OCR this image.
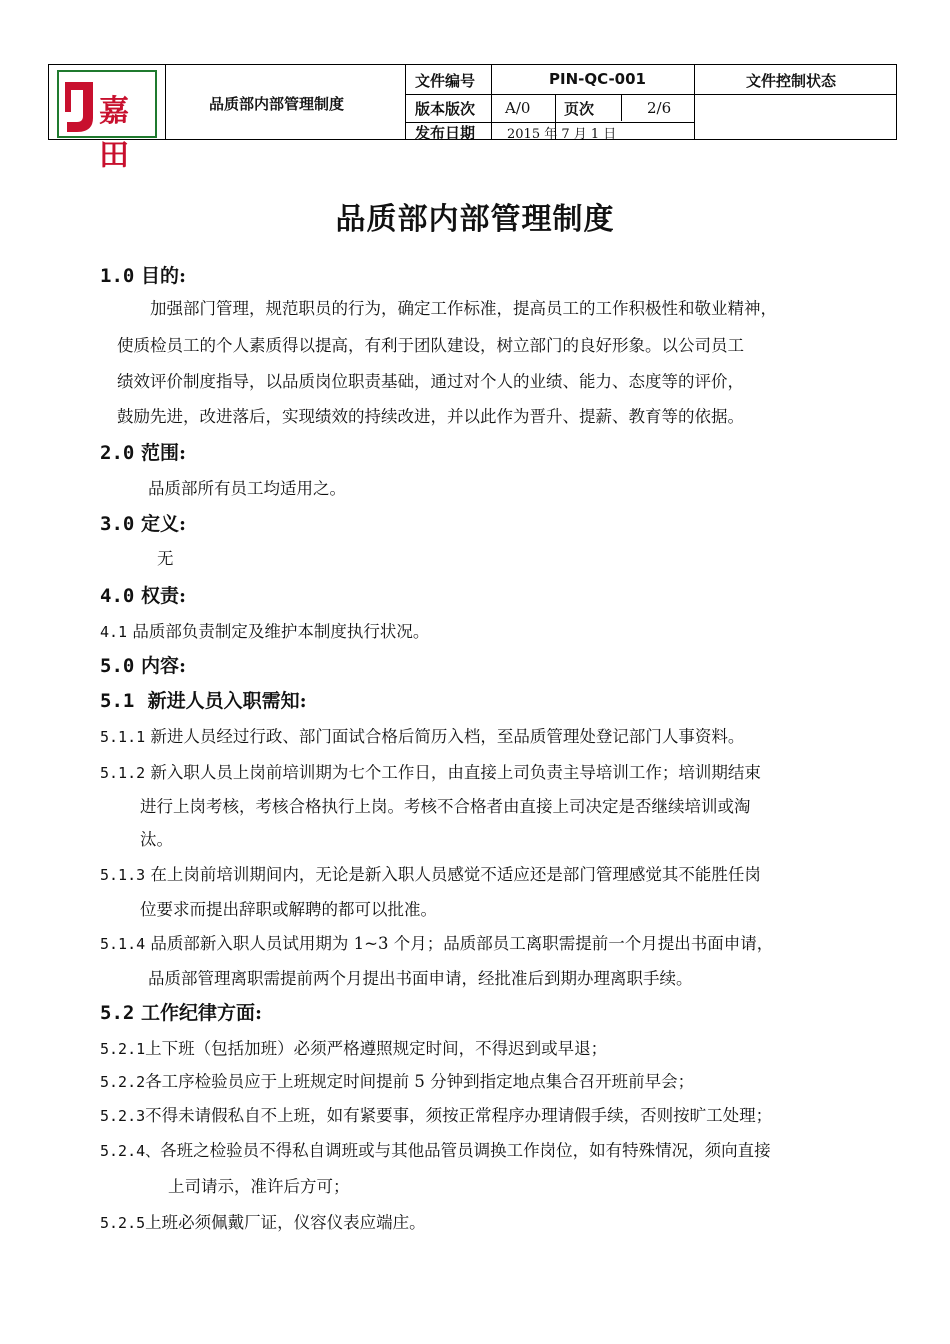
嘉田
品质部内部管理制度
文件编号	PIN-QC-001	文件控制状态
版本版次 A/0 页次	2/6
发布日期 2015 年 7 月 1 日
品质部内部管理制度
1.0 目的:
加强部门管理，规范职员的行为，确定工作标准，提高员工的工作积极性和敬业精神，
使质检员工的个人素质得以提高，有利于团队建设，树立部门的良好形象。以公司员工
绩效评价制度指导，以品质岗位职责基础，通过对个人的业绩、能力、态度等的评价，
鼓励先进，改进落后，实现绩效的持续改进，并以此作为晋升、提薪、教育等的依据。
2.0 范围:
品质部所有员工均适用之。
3.0 定义:
无
4.0 权责:
4.1 品质部负责制定及维护本制度执行状况。
5.0 内容:
5.1 新进人员入职需知:
5.1.1 新进人员经过行政、部门面试合格后简历入档，至品质管理处登记部门人事资料。
5.1.2 新入职人员上岗前培训期为七个工作日，由直接上司负责主导培训工作；培训期结束
进行上岗考核，考核合格执行上岗。考核不合格者由直接上司决定是否继续培训或淘
汰。
5.1.3 在上岗前培训期间内，无论是新入职人员感觉不适应还是部门管理感觉其不能胜任岗
位要求而提出辞职或解聘的都可以批准。
5.1.4 品质部新入职人员试用期为 1~3 个月；品质部员工离职需提前一个月提出书面申请，
品质部管理离职需提前两个月提出书面申请，经批准后到期办理离职手续。
5.2 工作纪律方面:
5.2.1上下班（包括加班）必须严格遵照规定时间，不得迟到或早退；
5.2.2各工序检验员应于上班规定时间提前 5 分钟到指定地点集合召开班前早会；
5.2.3不得未请假私自不上班，如有紧要事，须按正常程序办理请假手续，否则按旷工处理；
5.2.4、各班之检验员不得私自调班或与其他品管员调换工作岗位，如有特殊情况，须向直接
上司请示，准许后方可；
5.2.5上班必须佩戴厂证，仪容仪表应端庄。
